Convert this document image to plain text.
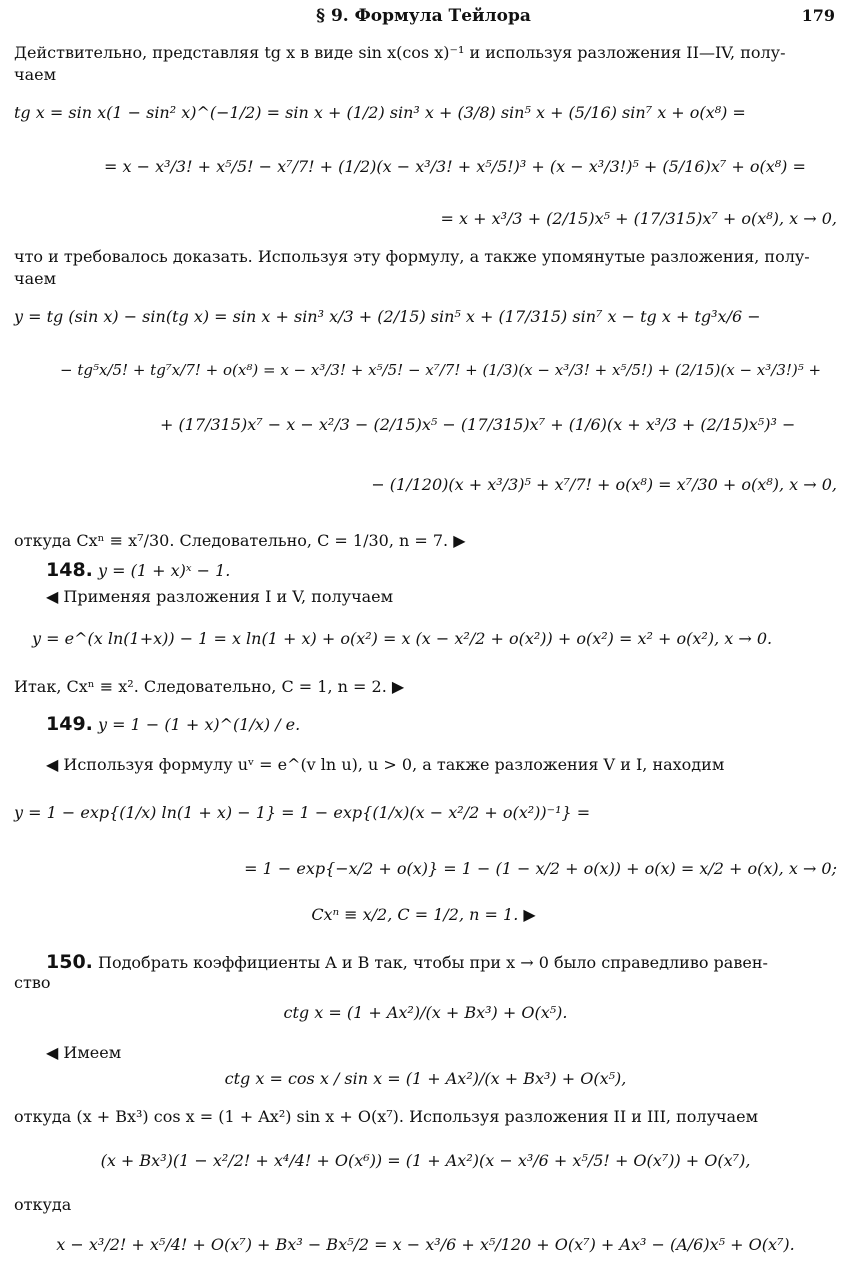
§ 9. Формула Тейлора	179
Действительно, представляя tg x в виде sin x(cos x)⁻¹ и используя разложения II—IV, полу-
чаем
tg x = sin x(1 − sin² x)^(−1/2) = sin x + (1/2) sin³ x + (3/8) sin⁵ x + (5/16) sin⁷ x + o(x⁸) =
= x − x³/3! + x⁵/5! − x⁷/7! + (1/2)(x − x³/3! + x⁵/5!)³ + (x − x³/3!)⁵ + (5/16)x⁷ + o(x⁸) =
= x + x³/3 + (2/15)x⁵ + (17/315)x⁷ + o(x⁸), x → 0,
что и требовалось доказать. Используя эту формулу, а также упомянутые разложения, полу-
чаем
y = tg (sin x) − sin(tg x) = sin x + sin³ x/3 + (2/15) sin⁵ x + (17/315) sin⁷ x − tg x + tg³x/6 −
− tg⁵x/5! + tg⁷x/7! + o(x⁸) = x − x³/3! + x⁵/5! − x⁷/7! + (1/3)(x − x³/3! + x⁵/5!) + (2/15)(x − x³/3!)⁵ +
+ (17/315)x⁷ − x − x²/3 − (2/15)x⁵ − (17/315)x⁷ + (1/6)(x + x³/3 + (2/15)x⁵)³ −
− (1/120)(x + x³/3)⁵ + x⁷/7! + o(x⁸) = x⁷/30 + o(x⁸), x → 0,
откуда Cxⁿ ≡ x⁷/30. Следовательно, C = 1/30, n = 7. ▶
148. y = (1 + x)ˣ − 1.
◀ Применяя разложения I и V, получаем
y = e^(x ln(1+x)) − 1 = x ln(1 + x) + o(x²) = x (x − x²/2 + o(x²)) + o(x²) = x² + o(x²), x → 0.
Итак, Cxⁿ ≡ x². Следовательно, C = 1, n = 2. ▶
149. y = 1 − (1 + x)^(1/x) / e.
◀ Используя формулу uᵛ = e^(v ln u), u > 0, а также разложения V и I, находим
y = 1 − exp{(1/x) ln(1 + x) − 1} = 1 − exp{(1/x)(x − x²/2 + o(x²))⁻¹} =
= 1 − exp{−x/2 + o(x)} = 1 − (1 − x/2 + o(x)) + o(x) = x/2 + o(x), x → 0;
Cxⁿ ≡ x/2, C = 1/2, n = 1. ▶
150. Подобрать коэффициенты A и B так, чтобы при x → 0 было справедливо равен-
ство
ctg x = (1 + Ax²)/(x + Bx³) + O(x⁵).
◀ Имеем
ctg x = cos x / sin x = (1 + Ax²)/(x + Bx³) + O(x⁵),
откуда (x + Bx³) cos x = (1 + Ax²) sin x + O(x⁷). Используя разложения II и III, получаем
(x + Bx³)(1 − x²/2! + x⁴/4! + O(x⁶)) = (1 + Ax²)(x − x³/6 + x⁵/5! + O(x⁷)) + O(x⁷),
откуда
x − x³/2! + x⁵/4! + O(x⁷) + Bx³ − Bx⁵/2 = x − x³/6 + x⁵/120 + O(x⁷) + Ax³ − (A/6)x⁵ + O(x⁷).
